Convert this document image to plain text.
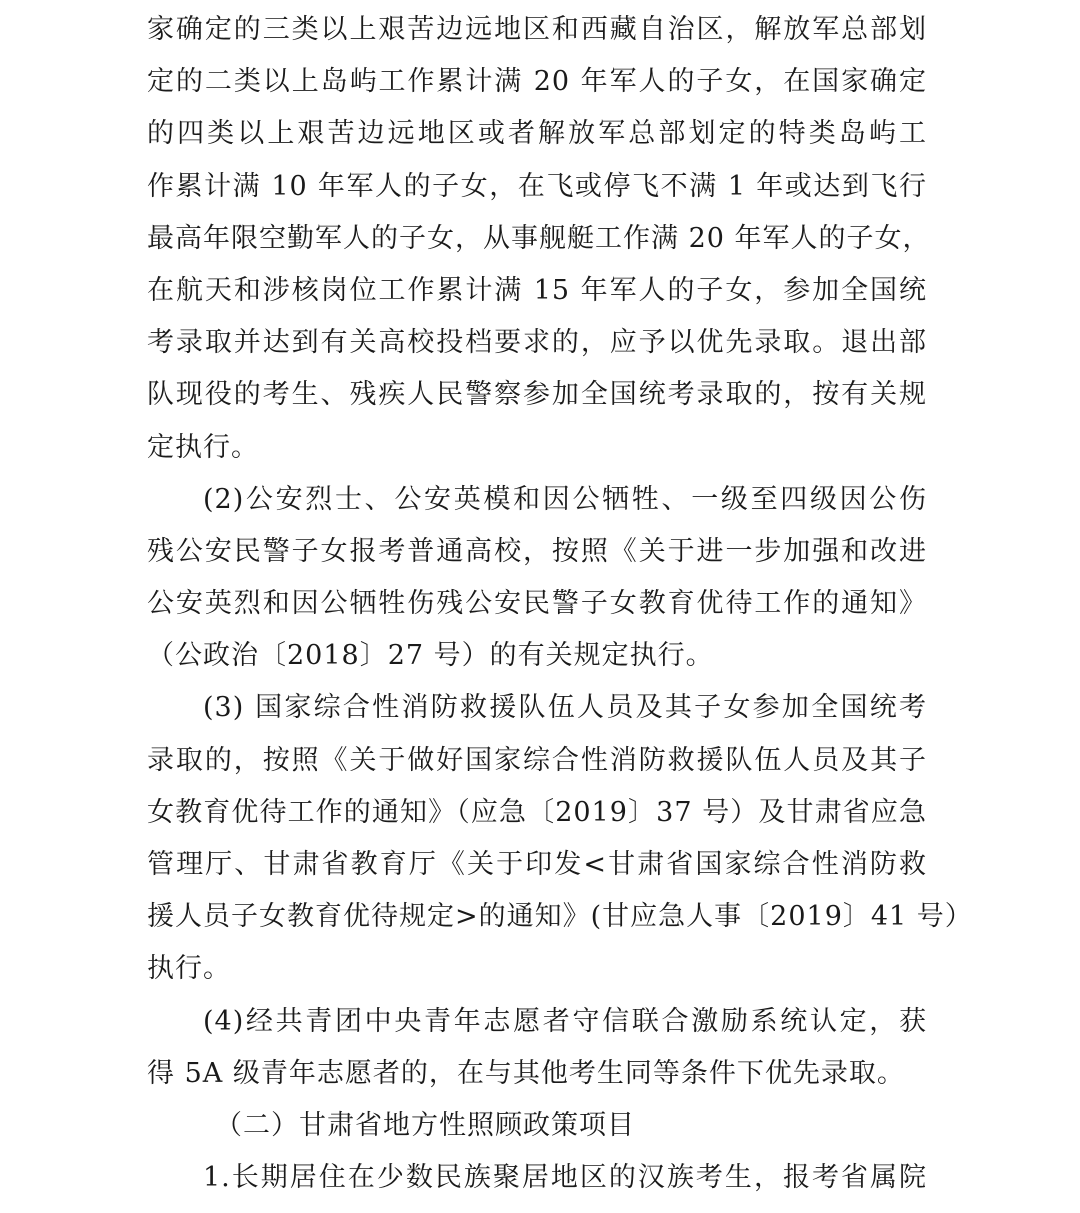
家确定的三类以上艰苦边远地区和西藏自治区，解放军总部划
定的二类以上岛屿工作累计满 20 年军人的子女，在国家确定
的四类以上艰苦边远地区或者解放军总部划定的特类岛屿工
作累计满 10 年军人的子女，在飞或停飞不满 1 年或达到飞行
最高年限空勤军人的子女，从事舰艇工作满 20 年军人的子女，
在航天和涉核岗位工作累计满 15 年军人的子女，参加全国统
考录取并达到有关高校投档要求的，应予以优先录取。退出部
队现役的考生、残疾人民警察参加全国统考录取的，按有关规
定执行。
(2)公安烈士、公安英模和因公牺牲、一级至四级因公伤
残公安民警子女报考普通高校，按照《关于进一步加强和改进
公安英烈和因公牺牲伤残公安民警子女教育优待工作的通知》
（公政治〔2018〕27 号）的有关规定执行。
(3) 国家综合性消防救援队伍人员及其子女参加全国统考
录取的，按照《关于做好国家综合性消防救援队伍人员及其子
女教育优待工作的通知》（应急〔2019〕37 号）及甘肃省应急
管理厅、甘肃省教育厅《关于印发<甘肃省国家综合性消防救
援人员子女教育优待规定>的通知》(甘应急人事〔2019〕41 号）
执行。
(4)经共青团中央青年志愿者守信联合激励系统认定，获
得 5A 级青年志愿者的，在与其他考生同等条件下优先录取。
（二）甘肃省地方性照顾政策项目
1.长期居住在少数民族聚居地区的汉族考生，报考省属院
